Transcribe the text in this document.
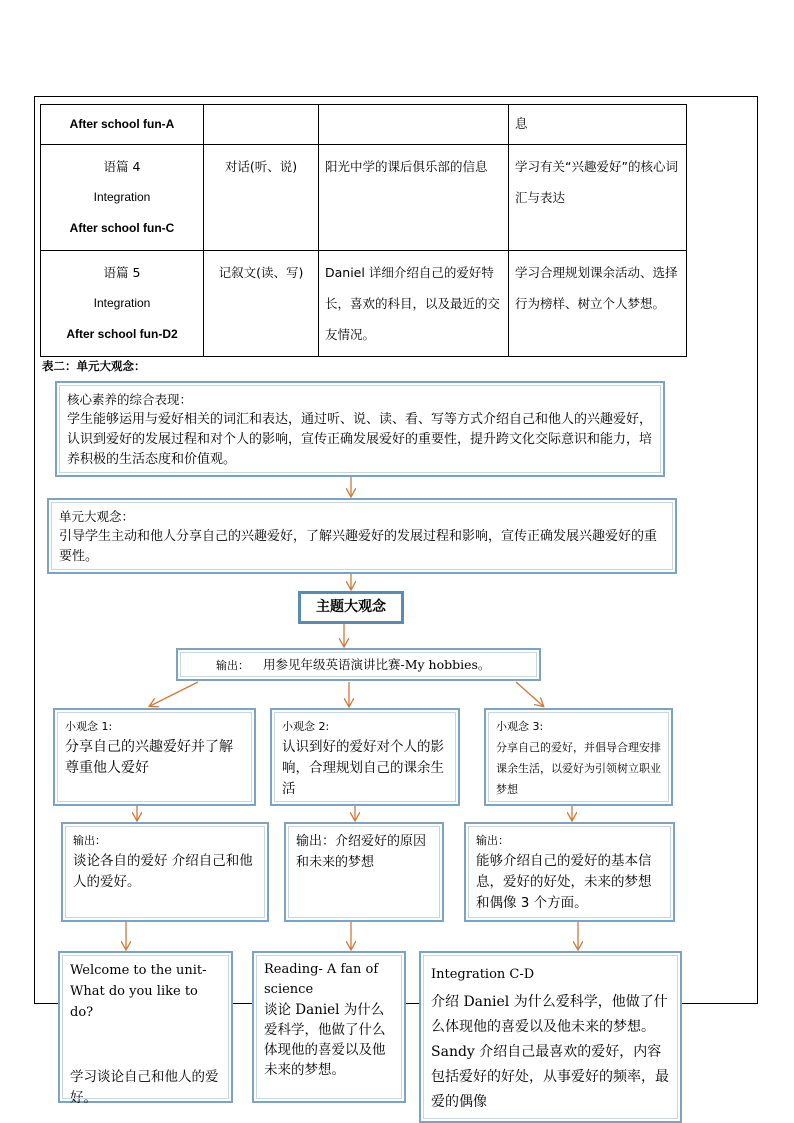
After school fun-A			息

语篇 4
Integration
After school fun-C	对话(听、说)	阳光中学的课后俱乐部的信息	学习有关“兴趣爱好”的核心词汇与表达

语篇 5
Integration
After school fun-D2	记叙文(读、写)	Daniel 详细介绍自己的爱好特长，喜欢的科目，以及最近的交友情况。	学习合理规划课余活动、选择行为榜样、树立个人梦想。
表二：单元大观念：
核心素养的综合表现：
学生能够运用与爱好相关的词汇和表达，通过听、说、读、看、写等方式介绍自己和他人的兴趣爱好，认识到爱好的发展过程和对个人的影响，宣传正确发展爱好的重要性，提升跨文化交际意识和能力，培养积极的生活态度和价值观。
单元大观念：
引导学生主动和他人分享自己的兴趣爱好，了解兴趣爱好的发展过程和影响，宣传正确发展兴趣爱好的重要性。
主题大观念
输出： 用参见年级英语演讲比赛-My hobbies。
小观念 1:
分享自己的兴趣爱好并了解尊重他人爱好
小观念 2:
认识到好的爱好对个人的影响，合理规划自己的课余生活
小观念 3:
分享自己的爱好，并倡导合理安排课余生活，以爱好为引领树立职业梦想
输出：
谈论各自的爱好 介绍自己和他人的爱好。
输出：介绍爱好的原因和未来的梦想
输出：
能够介绍自己的爱好的基本信息，爱好的好处，未来的梦想和偶像 3 个方面。
Welcome to the unit-
What do you like to do?
学习谈论自己和他人的爱好。
Reading- A fan of
science
谈论 Daniel 为什么爱科学，他做了什么体现他的喜爱以及他未来的梦想。
Integration C-D
介绍 Daniel 为什么爱科学，他做了什么体现他的喜爱以及他未来的梦想。Sandy 介绍自己最喜欢的爱好，内容包括爱好的好处，从事爱好的频率，最爱的偶像
